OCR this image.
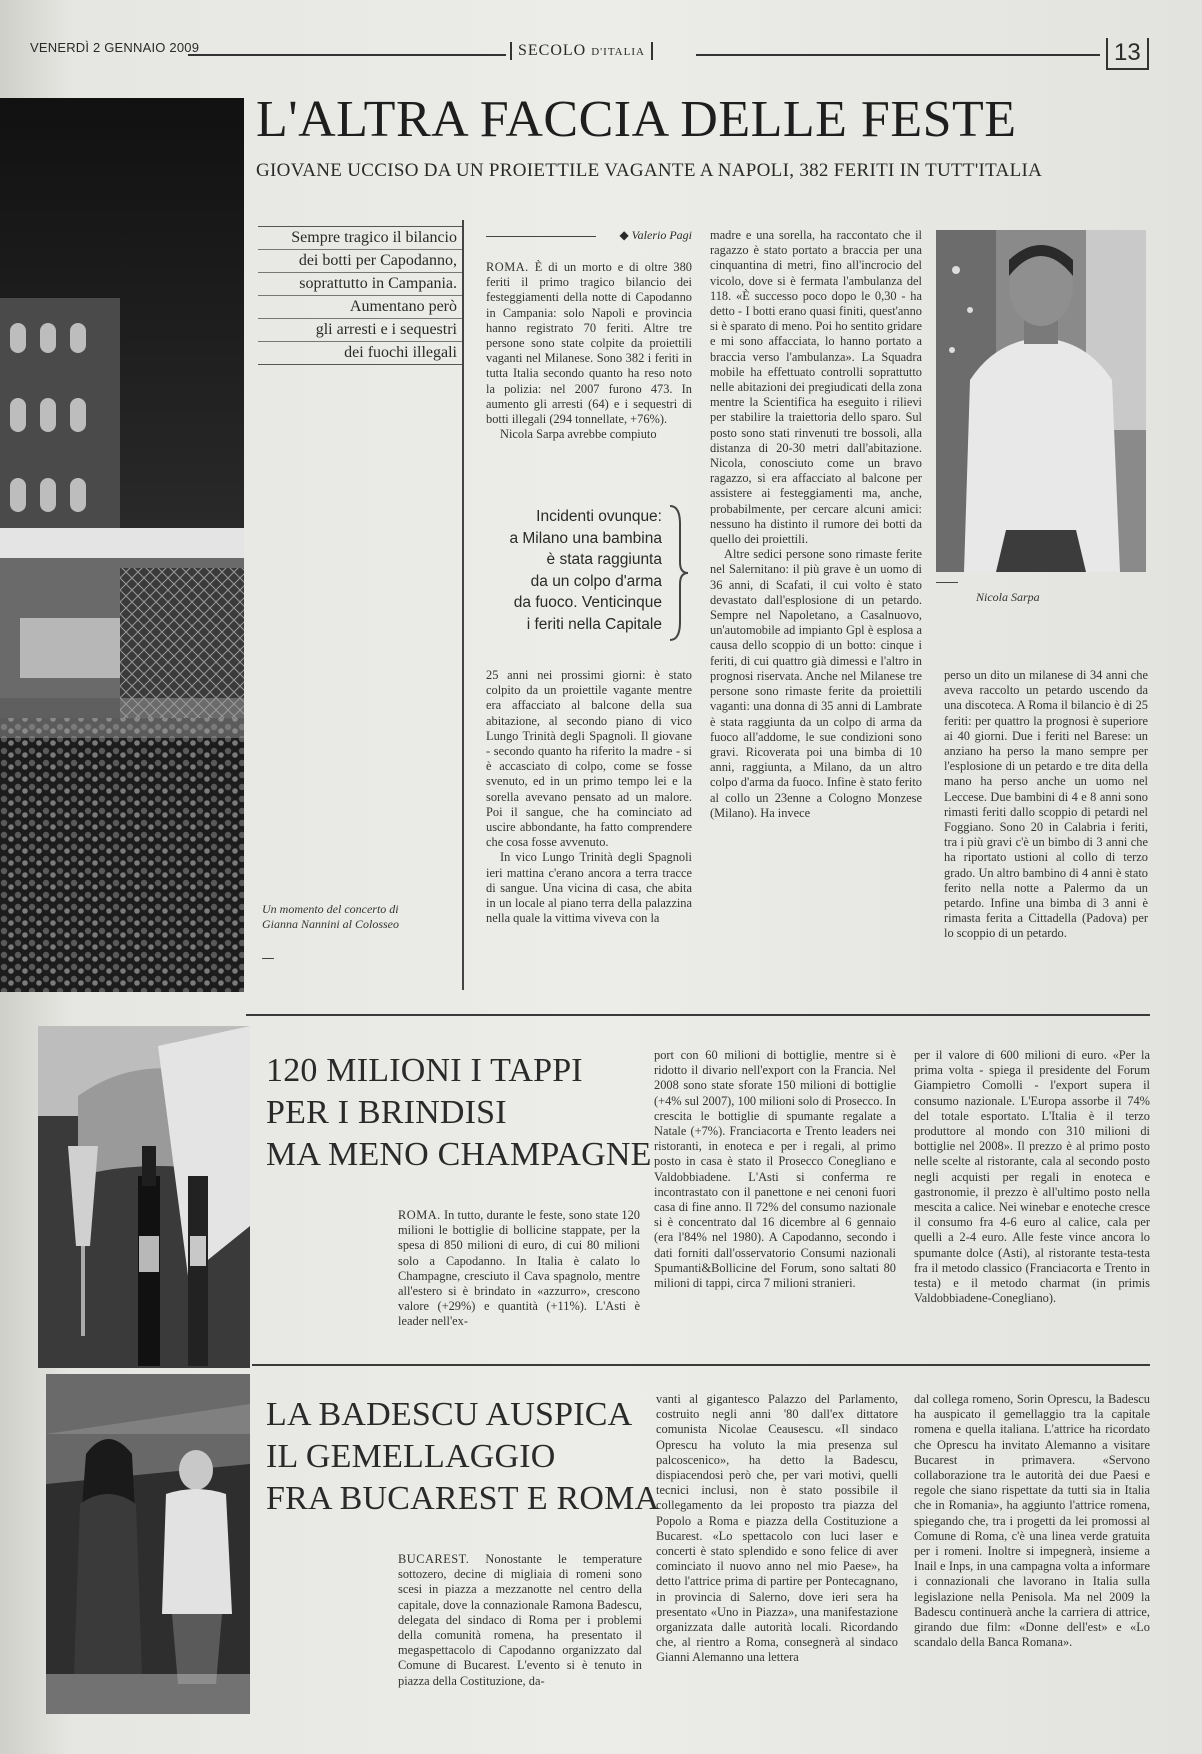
VENERDÌ 2 GENNAIO 2009	SECOLO D'ITALIA	13
L'ALTRA FACCIA DELLE FESTE
GIOVANE UCCISO DA UN PROIETTILE VAGANTE A NAPOLI, 382 FERITI IN TUTT'ITALIA
Sempre tragico il bilancio
dei botti per Capodanno,
soprattutto in Campania.
Aumentano però
gli arresti e i sequestri
dei fuochi illegali
◆ Valerio Pagi

ROMA. È di un morto e di oltre 380 feriti il primo tragico bilancio dei festeggiamenti della notte di Capodanno in Campania: solo Napoli e provincia hanno registrato 70 feriti. Altre tre persone sono state colpite da proiettili vaganti nel Milanese. Sono 382 i feriti in tutta Italia secondo quanto ha reso noto la polizia: nel 2007 furono 473. In aumento gli arresti (64) e i sequestri di botti illegali (294 tonnellate, +76%).

Nicola Sarpa avrebbe compiuto

Incidenti ovunque:
a Milano una bambina
è stata raggiunta
da un colpo d'arma
da fuoco. Venticinque
i feriti nella Capitale

25 anni nei prossimi giorni: è stato colpito da un proiettile vagante mentre era affacciato al balcone della sua abitazione, al secondo piano di vico Lungo Trinità degli Spagnoli. Il giovane - secondo quanto ha riferito la madre - si è accasciato di colpo, come se fosse svenuto, ed in un primo tempo lei e la sorella avevano pensato ad un malore. Poi il sangue, che ha cominciato ad uscire abbondante, ha fatto comprendere che cosa fosse avvenuto.

In vico Lungo Trinità degli Spagnoli ieri mattina c'erano ancora a terra tracce di sangue. Una vicina di casa, che abita in un locale al piano terra della palazzina nella quale la vittima viveva con la

madre e una sorella, ha raccontato che il ragazzo è stato portato a braccia per una cinquantina di metri, fino all'incrocio del vicolo, dove si è fermata l'ambulanza del 118. «È successo poco dopo le 0,30 - ha detto - I botti erano quasi finiti, quest'anno si è sparato di meno. Poi ho sentito gridare e mi sono affacciata, lo hanno portato a braccia verso l'ambulanza». La Squadra mobile ha effettuato controlli soprattutto nelle abitazioni dei pregiudicati della zona mentre la Scientifica ha eseguito i rilievi per stabilire la traiettoria dello sparo. Sul posto sono stati rinvenuti tre bossoli, alla distanza di 20-30 metri dall'abitazione. Nicola, conosciuto come un bravo ragazzo, si era affacciato al balcone per assistere ai festeggiamenti ma, anche, probabilmente, per cercare alcuni amici: nessuno ha distinto il rumore dei botti da quello dei proiettili.

Altre sedici persone sono rimaste ferite nel Salernitano: il più grave è un uomo di 36 anni, di Scafati, il cui volto è stato devastato dall'esplosione di un petardo. Sempre nel Napoletano, a Casalnuovo, un'automobile ad impianto Gpl è esplosa a causa dello scoppio di un botto: cinque i feriti, di cui quattro già dimessi e l'altro in prognosi riservata. Anche nel Milanese tre persone sono rimaste ferite da proiettili vaganti: una donna di 35 anni di Lambrate è stata raggiunta da un colpo di arma da fuoco all'addome, le sue condizioni sono gravi. Ricoverata poi una bimba di 10 anni, raggiunta, a Milano, da un altro colpo d'arma da fuoco. Infine è stato ferito al collo un 23enne a Cologno Monzese (Milano). Ha invece

Nicola Sarpa

perso un dito un milanese di 34 anni che aveva raccolto un petardo uscendo da una discoteca. A Roma il bilancio è di 25 feriti: per quattro la prognosi è superiore ai 40 giorni. Due i feriti nel Barese: un anziano ha perso la mano sempre per l'esplosione di un petardo e tre dita della mano ha perso anche un uomo nel Leccese. Due bambini di 4 e 8 anni sono rimasti feriti dallo scoppio di petardi nel Foggiano. Sono 20 in Calabria i feriti, tra i più gravi c'è un bimbo di 3 anni che ha riportato ustioni al collo di terzo grado. Un altro bambino di 4 anni è stato ferito nella notte a Palermo da un petardo. Infine una bimba di 3 anni è rimasta ferita a Cittadella (Padova) per lo scoppio di un petardo.

Un momento del concerto di Gianna Nannini al Colosseo
120 MILIONI I TAPPI
PER I BRINDISI
MA MENO CHAMPAGNE

ROMA. In tutto, durante le feste, sono state 120 milioni le bottiglie di bollicine stappate, per la spesa di 850 milioni di euro, di cui 80 milioni solo a Capodanno. In Italia è calato lo Champagne, cresciuto il Cava spagnolo, mentre all'estero si è brindato in «azzurro», crescono valore (+29%) e quantità (+11%). L'Asti è leader nell'ex-

port con 60 milioni di bottiglie, mentre si è ridotto il divario nell'export con la Francia. Nel 2008 sono state sforate 150 milioni di bottiglie (+4% sul 2007), 100 milioni solo di Prosecco. In crescita le bottiglie di spumante regalate a Natale (+7%). Franciacorta e Trento leaders nei ristoranti, in enoteca e per i regali, al primo posto in casa è stato il Prosecco Conegliano e Valdobbiadene. L'Asti si conferma re incontrastato con il panettone e nei cenoni fuori casa di fine anno. Il 72% del consumo nazionale si è concentrato dal 16 dicembre al 6 gennaio (era l'84% nel 1980). A Capodanno, secondo i dati forniti dall'osservatorio Consumi nazionali Spumanti&Bollicine del Forum, sono saltati 80 milioni di tappi, circa 7 milioni stranieri.

per il valore di 600 milioni di euro. «Per la prima volta - spiega il presidente del Forum Giampietro Comolli - l'export supera il consumo nazionale. L'Europa assorbe il 74% del totale esportato. L'Italia è il terzo produttore al mondo con 310 milioni di bottiglie nel 2008». Il prezzo è al primo posto nelle scelte al ristorante, cala al secondo posto negli acquisti per regali in enoteca e gastronomie, il prezzo è all'ultimo posto nella mescita a calice. Nei winebar e enoteche cresce il consumo fra 4-6 euro al calice, cala per quelli a 2-4 euro. Alle feste vince ancora lo spumante dolce (Asti), al ristorante testa-testa fra il metodo classico (Franciacorta e Trento in testa) e il metodo charmat (in primis Valdobbiadene-Conegliano).

LA BADESCU AUSPICA
IL GEMELLAGGIO
FRA BUCAREST E ROMA

BUCAREST. Nonostante le temperature sottozero, decine di migliaia di romeni sono scesi in piazza a mezzanotte nel centro della capitale, dove la connazionale Ramona Badescu, delegata del sindaco di Roma per i problemi della comunità romena, ha presentato il megaspettacolo di Capodanno organizzato dal Comune di Bucarest. L'evento si è tenuto in piazza della Costituzione, da-

vanti al gigantesco Palazzo del Parlamento, costruito negli anni '80 dall'ex dittatore comunista Nicolae Ceausescu. «Il sindaco Oprescu ha voluto la mia presenza sul palcoscenico», ha detto la Badescu, dispiacendosi però che, per vari motivi, quelli tecnici inclusi, non è stato possibile il collegamento da lei proposto tra piazza del Popolo a Roma e piazza della Costituzione a Bucarest. «Lo spettacolo con luci laser e concerti è stato splendido e sono felice di aver cominciato il nuovo anno nel mio Paese», ha detto l'attrice prima di partire per Pontecagnano, in provincia di Salerno, dove ieri sera ha presentato «Uno in Piazza», una manifestazione organizzata dalle autorità locali. Ricordando che, al rientro a Roma, consegnerà al sindaco Gianni Alemanno una lettera

dal collega romeno, Sorin Oprescu, la Badescu ha auspicato il gemellaggio tra la capitale romena e quella italiana. L'attrice ha ricordato che Oprescu ha invitato Alemanno a visitare Bucarest in primavera. «Servono collaborazione tra le autorità dei due Paesi e regole che siano rispettate da tutti sia in Italia che in Romania», ha aggiunto l'attrice romena, spiegando che, tra i progetti da lei promossi al Comune di Roma, c'è una linea verde gratuita per i romeni. Inoltre si impegnerà, insieme a Inail e Inps, in una campagna volta a informare i connazionali che lavorano in Italia sulla legislazione nella Penisola. Ma nel 2009 la Badescu continuerà anche la carriera di attrice, girando due film: «Donne dell'est» e «Lo scandalo della Banca Romana».
